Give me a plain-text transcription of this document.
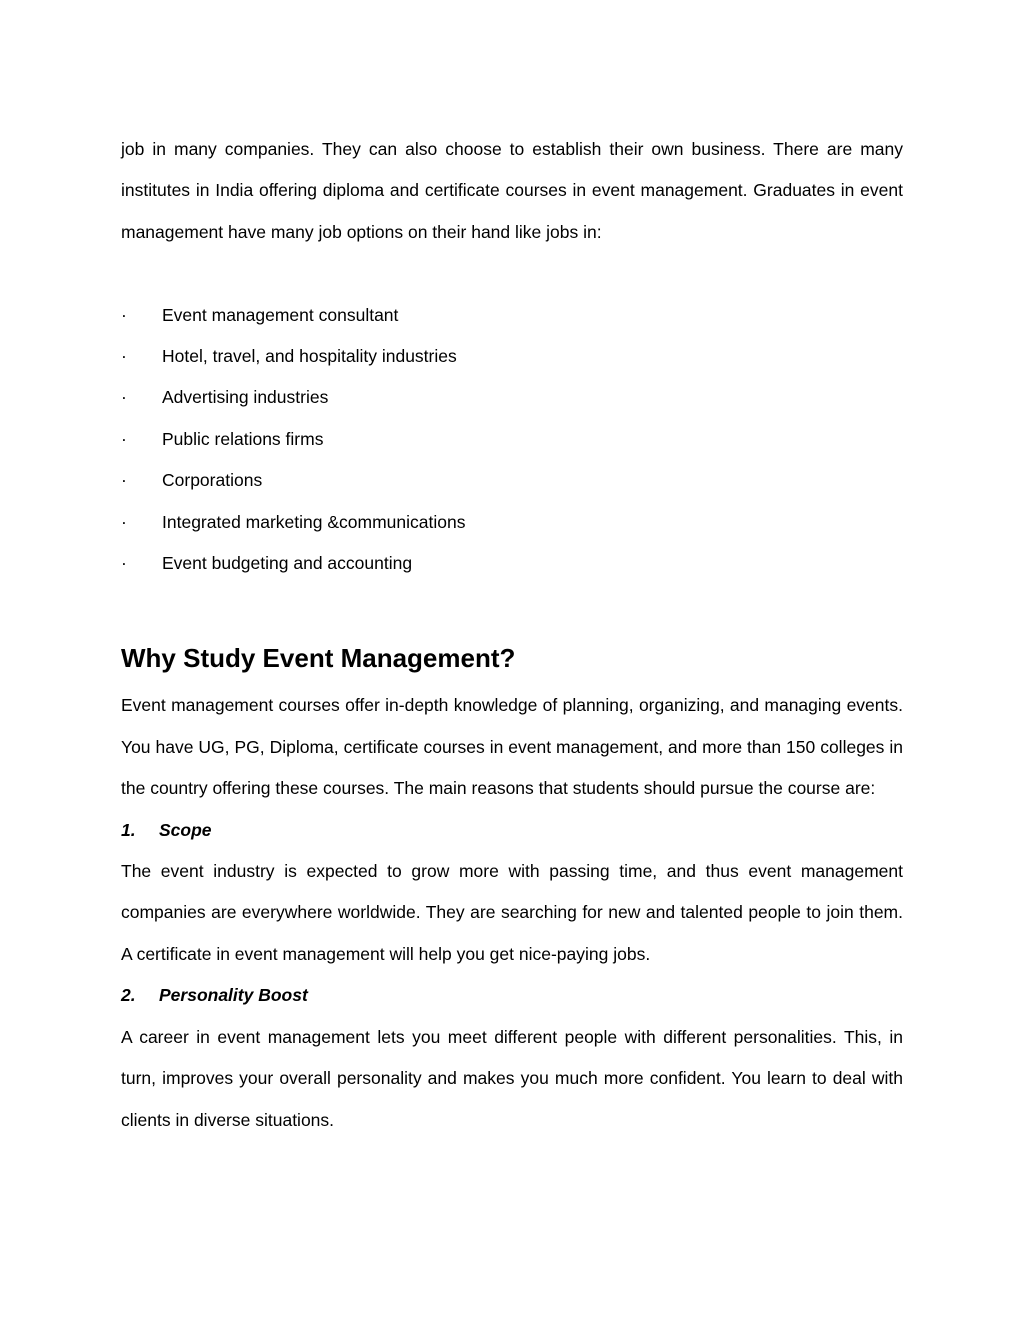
job in many companies. They can also choose to establish their own business. There are many institutes in India offering diploma and certificate courses in event management. Graduates in event management have many job options on their hand like jobs in:

·	Event management consultant
·	Hotel, travel, and hospitality industries
·	Advertising industries
·	Public relations firms
·	Corporations
·	Integrated marketing &communications
·	Event budgeting and accounting
Why Study Event Management?

Event management courses offer in-depth knowledge of planning, organizing, and managing events. You have UG, PG, Diploma, certificate courses in event management, and more than 150 colleges in the country offering these courses. The main reasons that students should pursue the course are:

1.	Scope

The event industry is expected to grow more with passing time, and thus event management companies are everywhere worldwide. They are searching for new and talented people to join them. A certificate in event management will help you get nice-paying jobs.

2.	Personality Boost

A career in event management lets you meet different people with different personalities. This, in turn, improves your overall personality and makes you much more confident. You learn to deal with clients in diverse situations.
